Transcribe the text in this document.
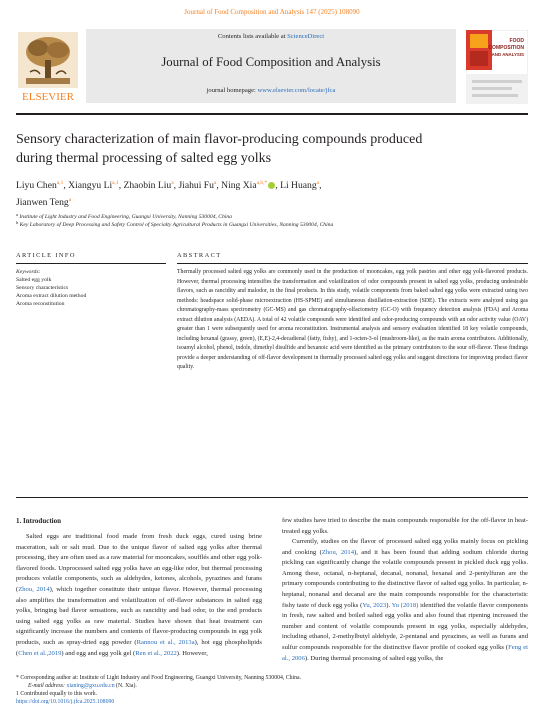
Journal of Food Composition and Analysis 147 (2025) 108090
ELSEVIER
Contents lists available at ScienceDirect
Journal of Food Composition and Analysis
journal homepage: www.elsevier.com/locate/jfca
FOOD
COMPOSITION
AND ANALYSIS
Sensory characterization of main flavor-producing compounds produced
during thermal processing of salted egg yolks
Liyu Chen$^{a,1}$, Xiangyu Li$^{a,1}$, Zhaobin Liu$^a$, Jiahui Fu$^a$, Ning Xia$^{a,b,*}$ , Li Huang$^a$,
Jianwen Teng$^a$
$^a$ Institute of Light Industry and Food Engineering, Guangxi University, Nanning 530004, China
$^b$ Key Laboratory of Deep Processing and Safety Control of Specialty Agricultural Products in Guangxi Universities, Nanning 530004, China
ARTICLE INFO	ABSTRACT
Keywords:
Salted egg yolk
Sensory characteristics
Aroma extract dilution method
Aroma reconstitution
Thermally processed salted egg yolks are commonly used in the production of mooncakes, egg yolk pastries and other egg yolk-flavored products. However, thermal processing intensifies the transformation and volatilization of odor compounds present in salted egg yolks, producing undesirable flavors, such as rancidity and malodor, in the final products. In this study, volatile components from baked salted egg yolks were extracted using two methods: headspace solid-phase microextraction (HS-SPME) and simultaneous distillation-extraction (SDE). The extracts were analyzed using gas chromatography-mass spectrometry (GC-MS) and gas chromatography-olfactometry (GC-O) with frequency detection analysis (FDA) and Aroma extract dilution analysis (AEDA). A total of 42 volatile compounds were identified and odor-producing compounds with an odor activity value (OAV) greater than 1 were subsequently used for aroma reconstitution. Instrumental analysis and sensory evaluation identified 18 key volatile compounds, including hexanal (grassy, green), (E,E)-2,4-decadienal (fatty, fishy), and 1-octen-3-ol (mushroom-like), as the main aroma contributors. Additionally, isoamyl alcohol, phenol, indole, dimethyl disulfide and hexanoic acid were identified as the primary contributors to the sour off-flavor. These findings provide a deeper understanding of off-flavor development in thermally processed salted egg yolks and suggest directions for improving product flavor quality.
1. Introduction
Salted eggs are traditional food made from fresh duck eggs, cured using brine maceration, salt or salt mud. Due to the unique flavor of salted egg yolks after thermal processing, they are often used as a raw material for mooncakes, soufflés and other egg yolk-flavored foods. Unprocessed salted egg yolks have an egg-like odor, but thermal processing produces volatile components, such as aldehydes, ketones, alcohols, pyrazines and furans (Zhou, 2014), which together constitute their unique flavor. However, thermal processing also amplifies the transformation and volatilization of off-flavor substances in salted egg yolks, bringing bad flavor sensations, such as rancidity and bad odor, to the end products using salted egg yolks as raw material. Studies have shown that heat treatment can significantly increase the numbers and contents of flavor-producing compounds in egg yolk products, such as spray-dried egg powder (Rannou et al., 2013a), hot egg phospholipids (Chen et al.,2019) and egg and egg yolk gel (Ren et al., 2022). However,
few studies have tried to describe the main compounds responsible for the off-flavor in heat-treated egg yolks.
Currently, studies on the flavor of processed salted egg yolks mainly focus on pickling and cooking (Zhou, 2014), and it has been found that adding sodium chloride during pickling can significantly change the volatile compounds present in pickled duck egg yolks. Among these, octanal, n-heptanal, decanal, nonanal, hexanal and 2-pentylfuran are the primary compounds contributing to the distinctive flavor of salted egg yolks. In particular, n-heptanal, nonanal and decanal are the main compounds responsible for the characteristic fishy taste of duck egg yolks (Yu, 2023). Yu (2018) identified the volatile flavor components in fresh, raw salted and boiled salted egg yolks and also found that ripening increased the number and content of volatile compounds present in egg yolks, especially aldehydes, including ethanol, 2-methylbutyl aldehyde, 2-pentanal and pyrazines, as well as furans and sulfur compounds responsible for the distinctive flavor profile of cooked egg yolks (Feng et al., 2006). During thermal processing of salted egg yolks, the
* Corresponding author at: Institute of Light Industry and Food Engineering, Guangxi University, Nanning 530004, China.
E-mail address: xianing@gxu.edu.cn (N. Xia).
1 Contributed equally to this work.
https://doi.org/10.1016/j.jfca.2025.108090
